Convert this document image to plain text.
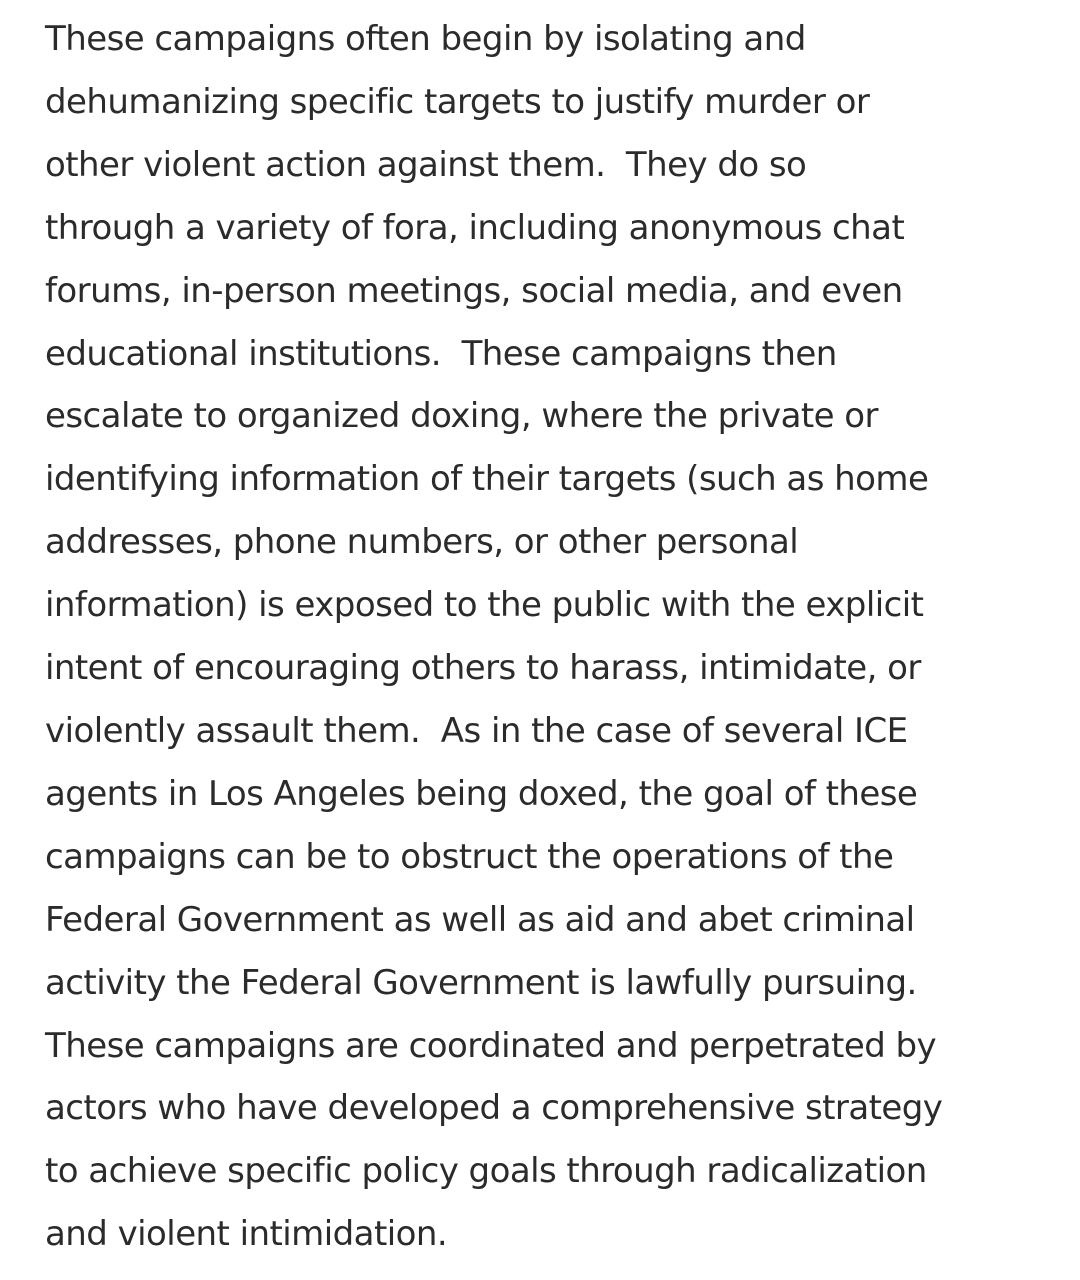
These campaigns often begin by isolating and
dehumanizing specific targets to justify murder or
other violent action against them.  They do so
through a variety of fora, including anonymous chat
forums, in-person meetings, social media, and even
educational institutions.  These campaigns then
escalate to organized doxing, where the private or
identifying information of their targets (such as home
addresses, phone numbers, or other personal
information) is exposed to the public with the explicit
intent of encouraging others to harass, intimidate, or
violently assault them.  As in the case of several ICE
agents in Los Angeles being doxed, the goal of these
campaigns can be to obstruct the operations of the
Federal Government as well as aid and abet criminal
activity the Federal Government is lawfully pursuing.
These campaigns are coordinated and perpetrated by
actors who have developed a comprehensive strategy
to achieve specific policy goals through radicalization
and violent intimidation.
